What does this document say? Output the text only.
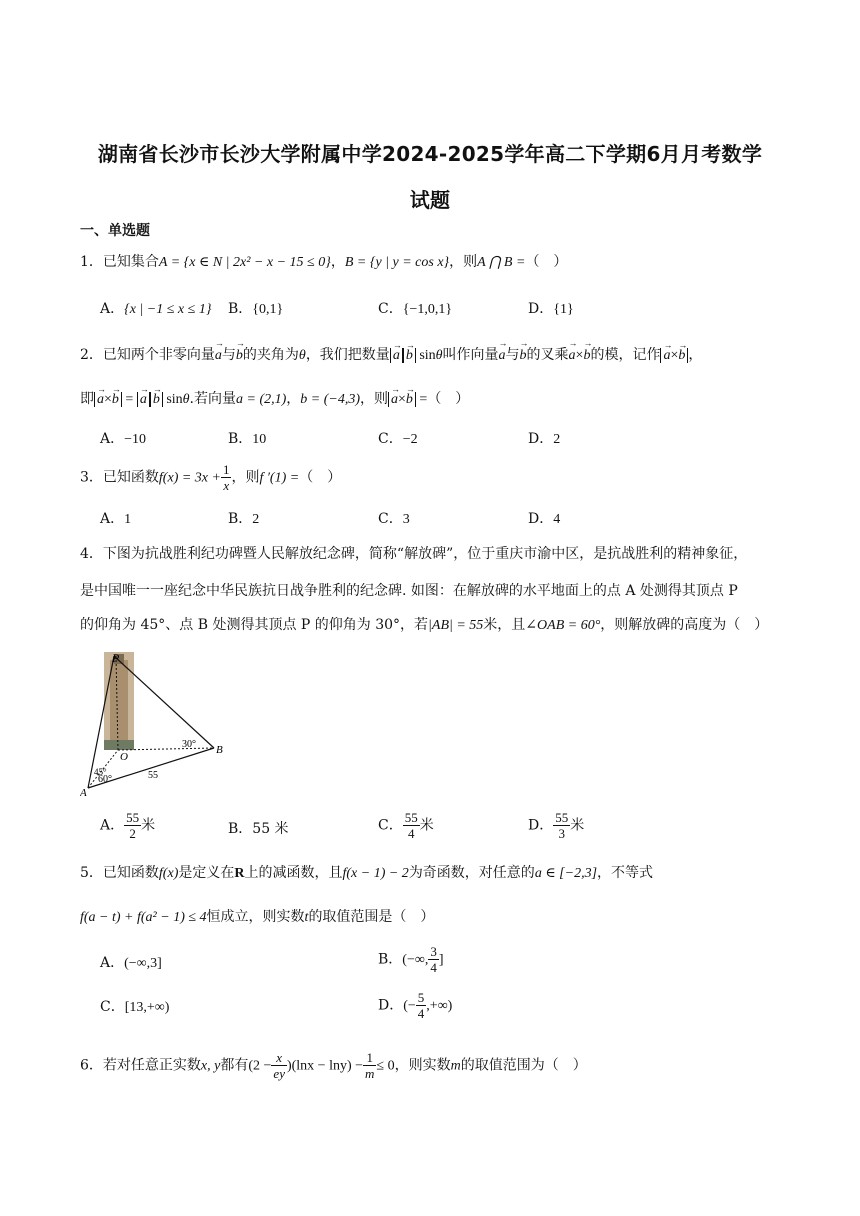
湖南省长沙市长沙大学附属中学2024-2025学年高二下学期6月月考数学
试题
一、单选题
1．已知集合A = {x ∈ N | 2x² − x − 15 ≤ 0}，B = {y | y = cos x}，则A ⋂ B =（　）
A．{x | −1 ≤ x ≤ 1} B．{0,1}	C．{−1,0,1}	D．{1}
2．已知两个非零向量→ a与→ b的夹角为θ，我们把数量 → a → b sinθ叫作向量→ a与→ b的叉乘→ a×→ b的模，记作 → a×→ b ，
即 → a×→ b = → a → b sinθ.若向量a = (2,1)，b = (−4,3)，则 → a×→ b =（　）
A．−10	B．10	C．−2	D．2
3．已知函数$f(x) = 3x + \frac{1}{x}$ ，则f ′(1) =（　）
A．1	B．2	C．3	D．4
4．下图为抗战胜利纪功碑暨人民解放纪念碑，简称“解放碑”，位于重庆市渝中区，是抗战胜利的精神象征，
是中国唯一一座纪念中华民族抗日战争胜利的纪念碑. 如图：在解放碑的水平地面上的点 A 处测得其顶点 P
的仰角为 45°、点 B 处测得其顶点 P 的仰角为 30°，若|AB| = 55米，且∠OAB = 60°，则解放碑的高度为（　）
P
O
A
B
30°
45°
60°	55
A． $\frac{55}{2}$ 米	B．55 米	C． $\frac{55}{4}$ 米	D． $\frac{55}{3}$ 米
5．已知函数f(x)是定义在R上的减函数，且f(x − 1) − 2为奇函数，对任意的a ∈ [−2,3]，不等式
f(a − t) + f(a² − 1) ≤ 4恒成立，则实数t的取值范围是（　）
A．(−∞,3]	B．(−∞, $\frac{3}{4}$ ]
C．[13,+∞)	D．(− $\frac{5}{4}$ ,+∞)
6．若对任意正实数x, y都有$(2 - \frac{x}{ey} )(\ln x - \ln y) - \frac{1}{m} \le 0$，则实数m的取值范围为（　）
